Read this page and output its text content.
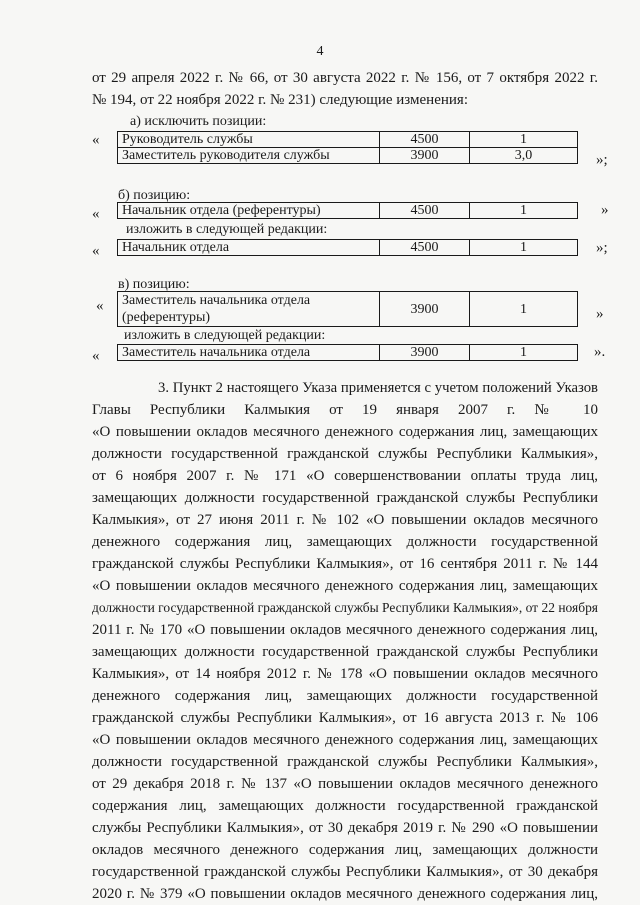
4
от 29 апреля 2022 г. № 66, от 30 августа 2022 г. № 156, от 7 октября 2022 г.
№ 194, от 22 ноября 2022 г. № 231) следующие изменения:
а) исключить позиции:
« Руководитель службы	4500	1
Заместитель руководителя службы	3900	3,0	»;
б) позицию:
« Начальник отдела (референтуры)	4500	1	»
изложить в следующей редакции:
« Начальник отдела	4500	1	»;
в) позицию:
« Заместитель начальника отдела
(референтуры)
	3900	1	»
изложить в следующей редакции:
« Заместитель начальника отдела	3900	1	».
3. Пункт 2 настоящего Указа применяется с учетом положений Указов
Главы Республики Калмыкия от 19 января 2007 г. № 10
«О повышении окладов месячного денежного содержания лиц, замещающих
должности государственной гражданской службы Республики Калмыкия»,
от 6 ноября 2007 г. № 171 «О совершенствовании оплаты труда лиц,
замещающих должности государственной гражданской службы Республики
Калмыкия», от 27 июня 2011 г. № 102 «О повышении окладов месячного
денежного содержания лиц, замещающих должности государственной
гражданской службы Республики Калмыкия», от 16 сентября 2011 г. № 144
«О повышении окладов месячного денежного содержания лиц, замещающих
должности государственной гражданской службы Республики Калмыкия», от 22 ноября
2011 г. № 170 «О повышении окладов месячного денежного содержания лиц,
замещающих должности государственной гражданской службы Республики
Калмыкия», от 14 ноября 2012 г. № 178 «О повышении окладов месячного
денежного содержания лиц, замещающих должности государственной
гражданской службы Республики Калмыкия», от 16 августа 2013 г. № 106
«О повышении окладов месячного денежного содержания лиц, замещающих
должности государственной гражданской службы Республики Калмыкия»,
от 29 декабря 2018 г. № 137 «О повышении окладов месячного денежного
содержания лиц, замещающих должности государственной гражданской
службы Республики Калмыкия», от 30 декабря 2019 г. № 290 «О повышении
окладов месячного денежного содержания лиц, замещающих должности
государственной гражданской службы Республики Калмыкия», от 30 декабря
2020 г. № 379 «О повышении окладов месячного денежного содержания лиц,
